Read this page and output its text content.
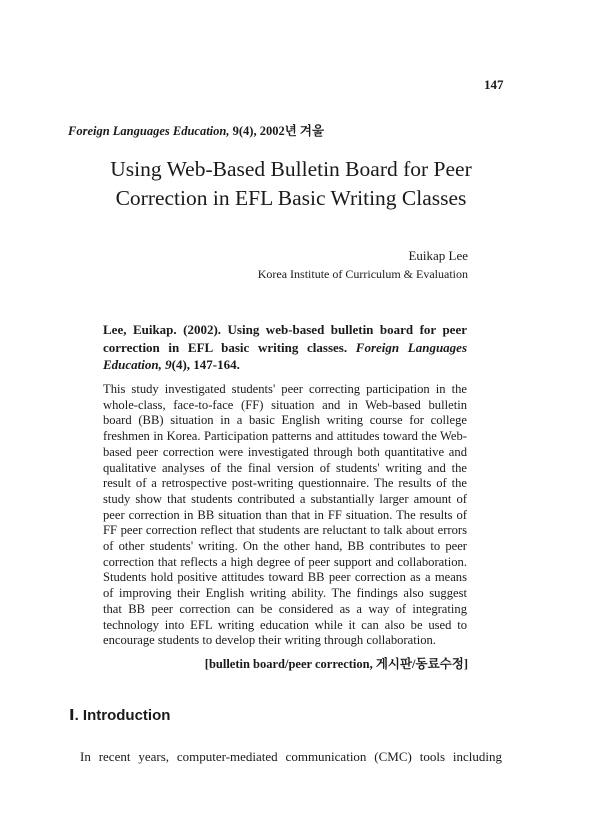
147
Foreign Languages Education, 9(4), 2002년 겨울
Using Web-Based Bulletin Board for Peer
Correction in EFL Basic Writing Classes
Euikap Lee
Korea Institute of Curriculum & Evaluation
Lee, Euikap. (2002). Using web-based bulletin board for peer correction in EFL basic writing classes. Foreign Languages Education, 9(4), 147-164.
This study investigated students' peer correcting participation in the whole-class, face-to-face (FF) situation and in Web-based bulletin board (BB) situation in a basic English writing course for college freshmen in Korea. Participation patterns and attitudes toward the Web-based peer correction were investigated through both quantitative and qualitative analyses of the final version of students' writing and the result of a retrospective post-writing questionnaire. The results of the study show that students contributed a substantially larger amount of peer correction in BB situation than that in FF situation. The results of FF peer correction reflect that students are reluctant to talk about errors of other students' writing. On the other hand, BB contributes to peer correction that reflects a high degree of peer support and collaboration. Students hold positive attitudes toward BB peer correction as a means of improving their English writing ability. The findings also suggest that BB peer correction can be considered as a way of integrating technology into EFL writing education while it can also be used to encourage students to develop their writing through collaboration.
[bulletin board/peer correction, 게시판/동료수정]
Ⅰ. Introduction
In recent years, computer-mediated communication (CMC) tools including
